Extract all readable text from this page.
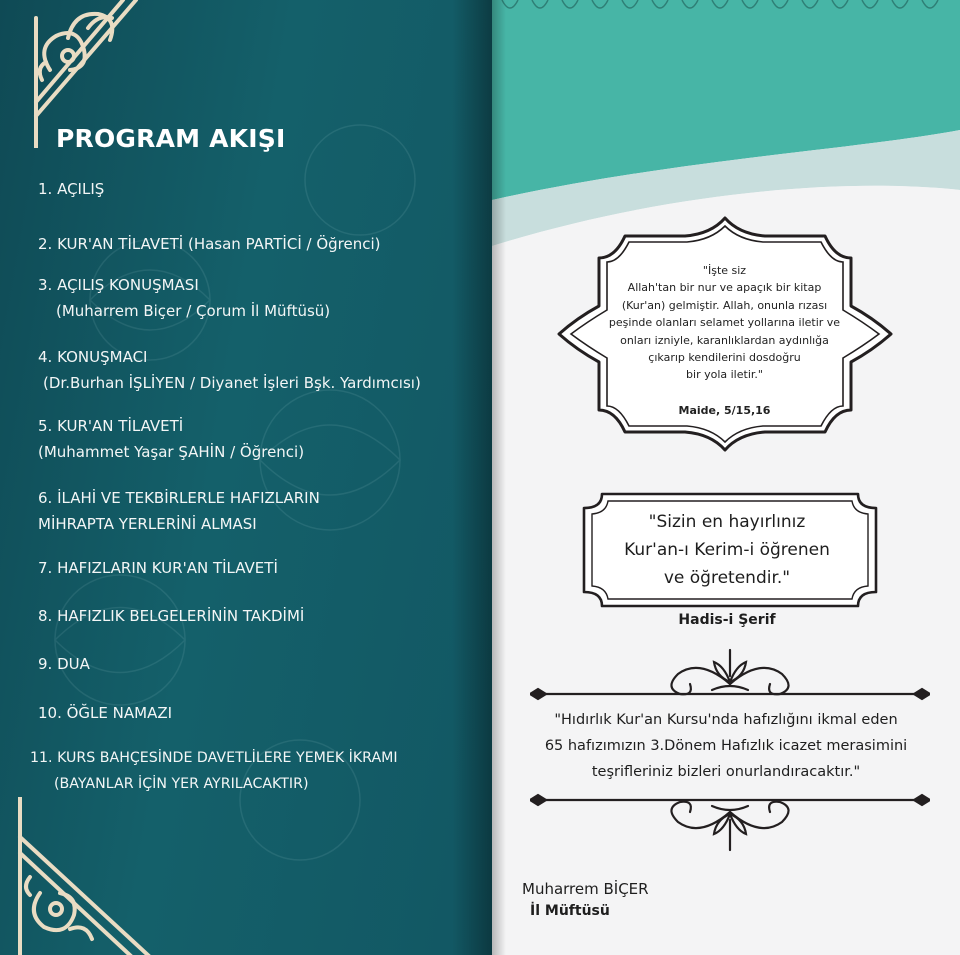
PROGRAM AKIŞI
1. AÇILIŞ
2. KUR'AN TİLAVETİ (Hasan PARTİCİ / Öğrenci)
3. AÇILIŞ KONUŞMASI
(Muharrem Biçer / Çorum İl Müftüsü)
4. KONUŞMACI
(Dr.Burhan İŞLİYEN / Diyanet İşleri Bşk. Yardımcısı)
5. KUR'AN TİLAVETİ
(Muhammet Yaşar ŞAHİN / Öğrenci)
6. İLAHİ VE TEKBİRLERLE HAFIZLARIN
MİHRAPTA YERLERİNİ ALMASI
7. HAFIZLARIN KUR'AN TİLAVETİ
8. HAFIZLIK BELGELERİNİN TAKDİMİ
9. DUA
10. ÖĞLE NAMAZI
11. KURS BAHÇESİNDE DAVETLİLERE YEMEK İKRAMI
(BAYANLAR İÇİN YER AYRILACAKTIR)
"İşte siz
Allah'tan bir nur ve apaçık bir kitap
(Kur'an) gelmiştir. Allah, onunla rızası
peşinde olanları selamet yollarına iletir ve
onları izniyle, karanlıklardan aydınlığa
çıkarıp kendilerini dosdoğru
bir yola iletir."
Maide, 5/15,16
"Sizin en hayırlınız
Kur'an-ı Kerim-i öğrenen
ve öğretendir."
Hadis-i Şerif
"Hıdırlık Kur'an Kursu'nda hafızlığını ikmal eden
65 hafızımızın 3.Dönem Hafızlık icazet merasimini
teşrifleriniz bizleri onurlandıracaktır."
Muharrem BİÇER
İl Müftüsü
